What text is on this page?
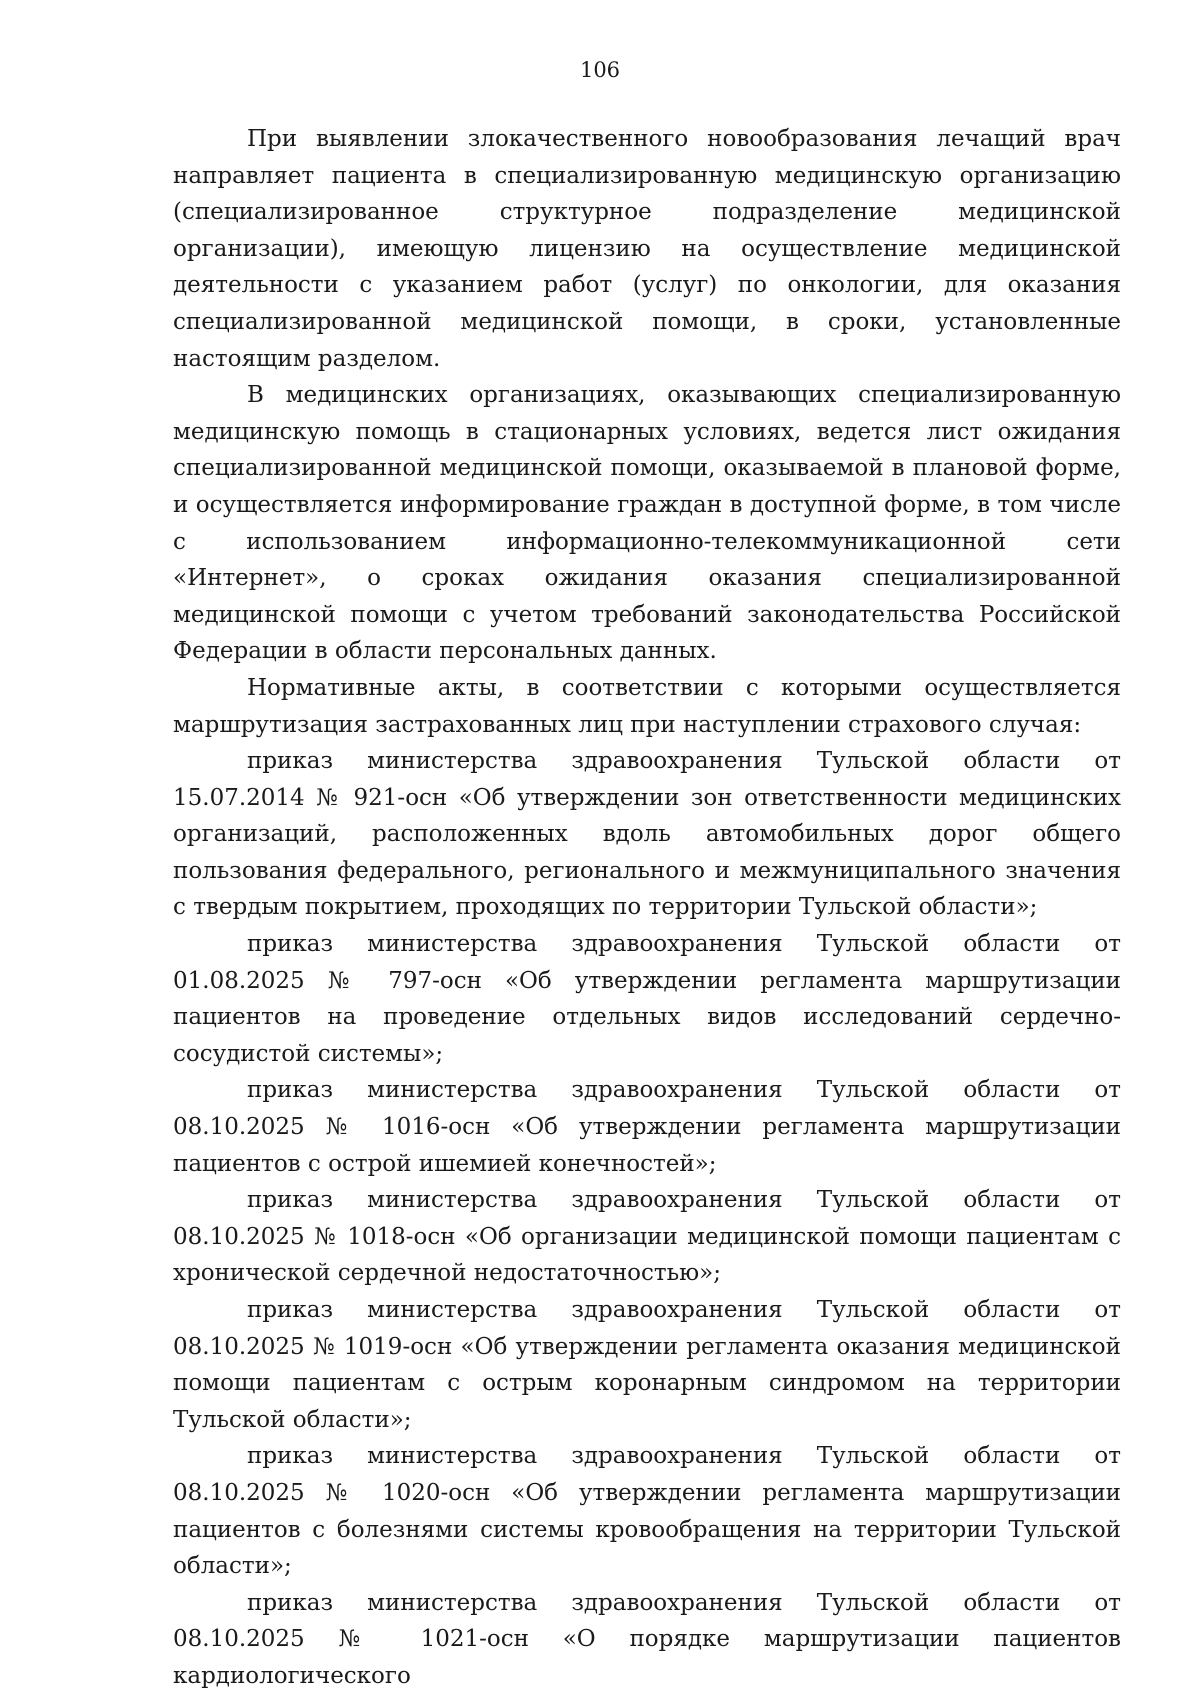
106

При выявлении злокачественного новообразования лечащий врач направляет пациента в специализированную медицинскую организацию (специализированное структурное подразделение медицинской организации), имеющую лицензию на осуществление медицинской деятельности с указанием работ (услуг) по онкологии, для оказания специализированной медицинской помощи, в сроки, установленные настоящим разделом.

В медицинских организациях, оказывающих специализированную медицинскую помощь в стационарных условиях, ведется лист ожидания специализированной медицинской помощи, оказываемой в плановой форме, и осуществляется информирование граждан в доступной форме, в том числе с использованием информационно-телекоммуникационной сети «Интернет», о сроках ожидания оказания специализированной медицинской помощи с учетом требований законодательства Российской Федерации в области персональных данных.

Нормативные акты, в соответствии с которыми осуществляется маршрутизация застрахованных лиц при наступлении страхового случая:

приказ министерства здравоохранения Тульской области от 15.07.2014 № 921-осн «Об утверждении зон ответственности медицинских организаций, расположенных вдоль автомобильных дорог общего пользования федерального, регионального и межмуниципального значения с твердым покрытием, проходящих по территории Тульской области»;

приказ министерства здравоохранения Тульской области от 01.08.2025 № 797-осн «Об утверждении регламента маршрутизации пациентов на проведение отдельных видов исследований сердечно-сосудистой системы»;

приказ министерства здравоохранения Тульской области от 08.10.2025 № 1016-осн «Об утверждении регламента маршрутизации пациентов с острой ишемией конечностей»;

приказ министерства здравоохранения Тульской области от 08.10.2025 № 1018-осн «Об организации медицинской помощи пациентам с хронической сердечной недостаточностью»;

приказ министерства здравоохранения Тульской области от 08.10.2025 № 1019-осн «Об утверждении регламента оказания медицинской помощи пациентам с острым коронарным синдромом на территории Тульской области»;

приказ министерства здравоохранения Тульской области от 08.10.2025 № 1020-осн «Об утверждении регламента маршрутизации пациентов с болезнями системы кровообращения на территории Тульской области»;

приказ министерства здравоохранения Тульской области от 08.10.2025 № 1021-осн «О порядке маршрутизации пациентов кардиологического
